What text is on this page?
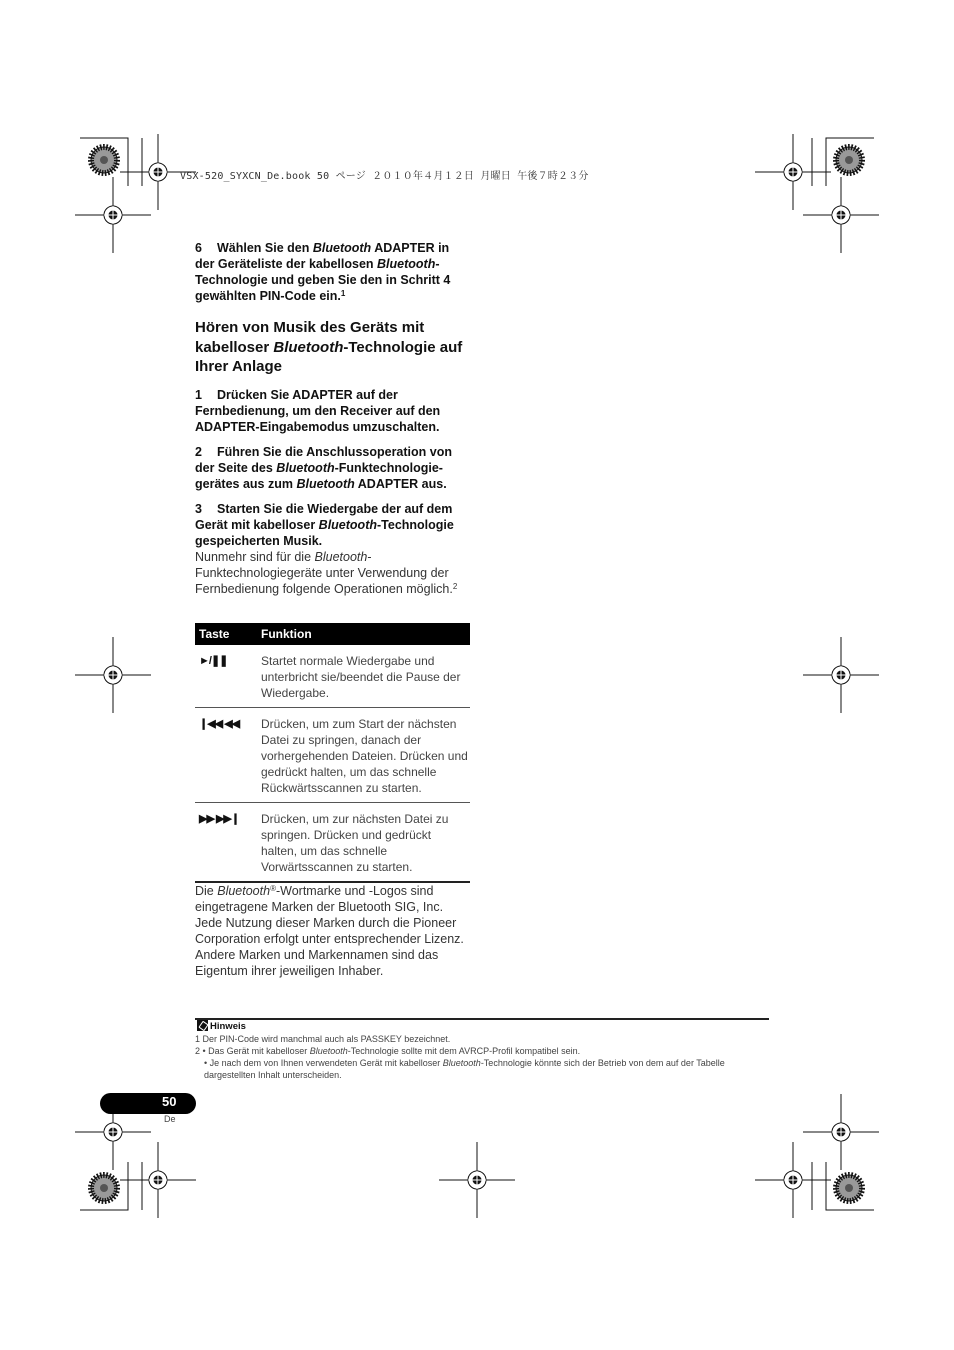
VSX-520_SYXCN_De.book 50 ページ ２０１０年４月１２日 月曜日 午後７時２３分
6 Wählen Sie den Bluetooth ADAPTER in der Geräteliste der kabellosen Bluetooth-Technologie und geben Sie den in Schritt 4 gewählten PIN-Code ein.$^1$
Hören von Musik des Geräts mit kabelloser Bluetooth-Technologie auf Ihrer Anlage
1 Drücken Sie ADAPTER auf der Fernbedienung, um den Receiver auf den ADAPTER-Eingabemodus umzuschalten.
2 Führen Sie die Anschlussoperation von der Seite des Bluetooth-Funktechnologie-gerätes aus zum Bluetooth ADAPTER aus.
3 Starten Sie die Wiedergabe der auf dem Gerät mit kabelloser Bluetooth-Technologie gespeicherten Musik.
Nunmehr sind für die Bluetooth-Funktechnologiegeräte unter Verwendung der Fernbedienung folgende Operationen möglich.$^2$
Taste	Funktion
►/❚❚	Startet normale Wiedergabe und unterbricht sie/beendet die Pause der Wiedergabe.
❙◀◀ ◀◀	Drücken, um zum Start der nächsten Datei zu springen, danach der vorhergehenden Dateien. Drücken und gedrückt halten, um das schnelle Rückwärtsscannen zu starten.
▶▶ ▶▶❙	Drücken, um zur nächsten Datei zu springen. Drücken und gedrückt halten, um das schnelle Vorwärtsscannen zu starten.
Die Bluetooth®-Wortmarke und -Logos sind eingetragene Marken der Bluetooth SIG, Inc. Jede Nutzung dieser Marken durch die Pioneer Corporation erfolgt unter entsprechender Lizenz. Andere Marken und Markennamen sind das Eigentum ihrer jeweiligen Inhaber.
Hinweis
1 Der PIN-Code wird manchmal auch als PASSKEY bezeichnet.
2 • Das Gerät mit kabelloser Bluetooth-Technologie sollte mit dem AVRCP-Profil kompatibel sein.
• Je nach dem von Ihnen verwendeten Gerät mit kabelloser Bluetooth-Technologie könnte sich der Betrieb von dem auf der Tabelle dargestellten Inhalt unterscheiden.
50
De
